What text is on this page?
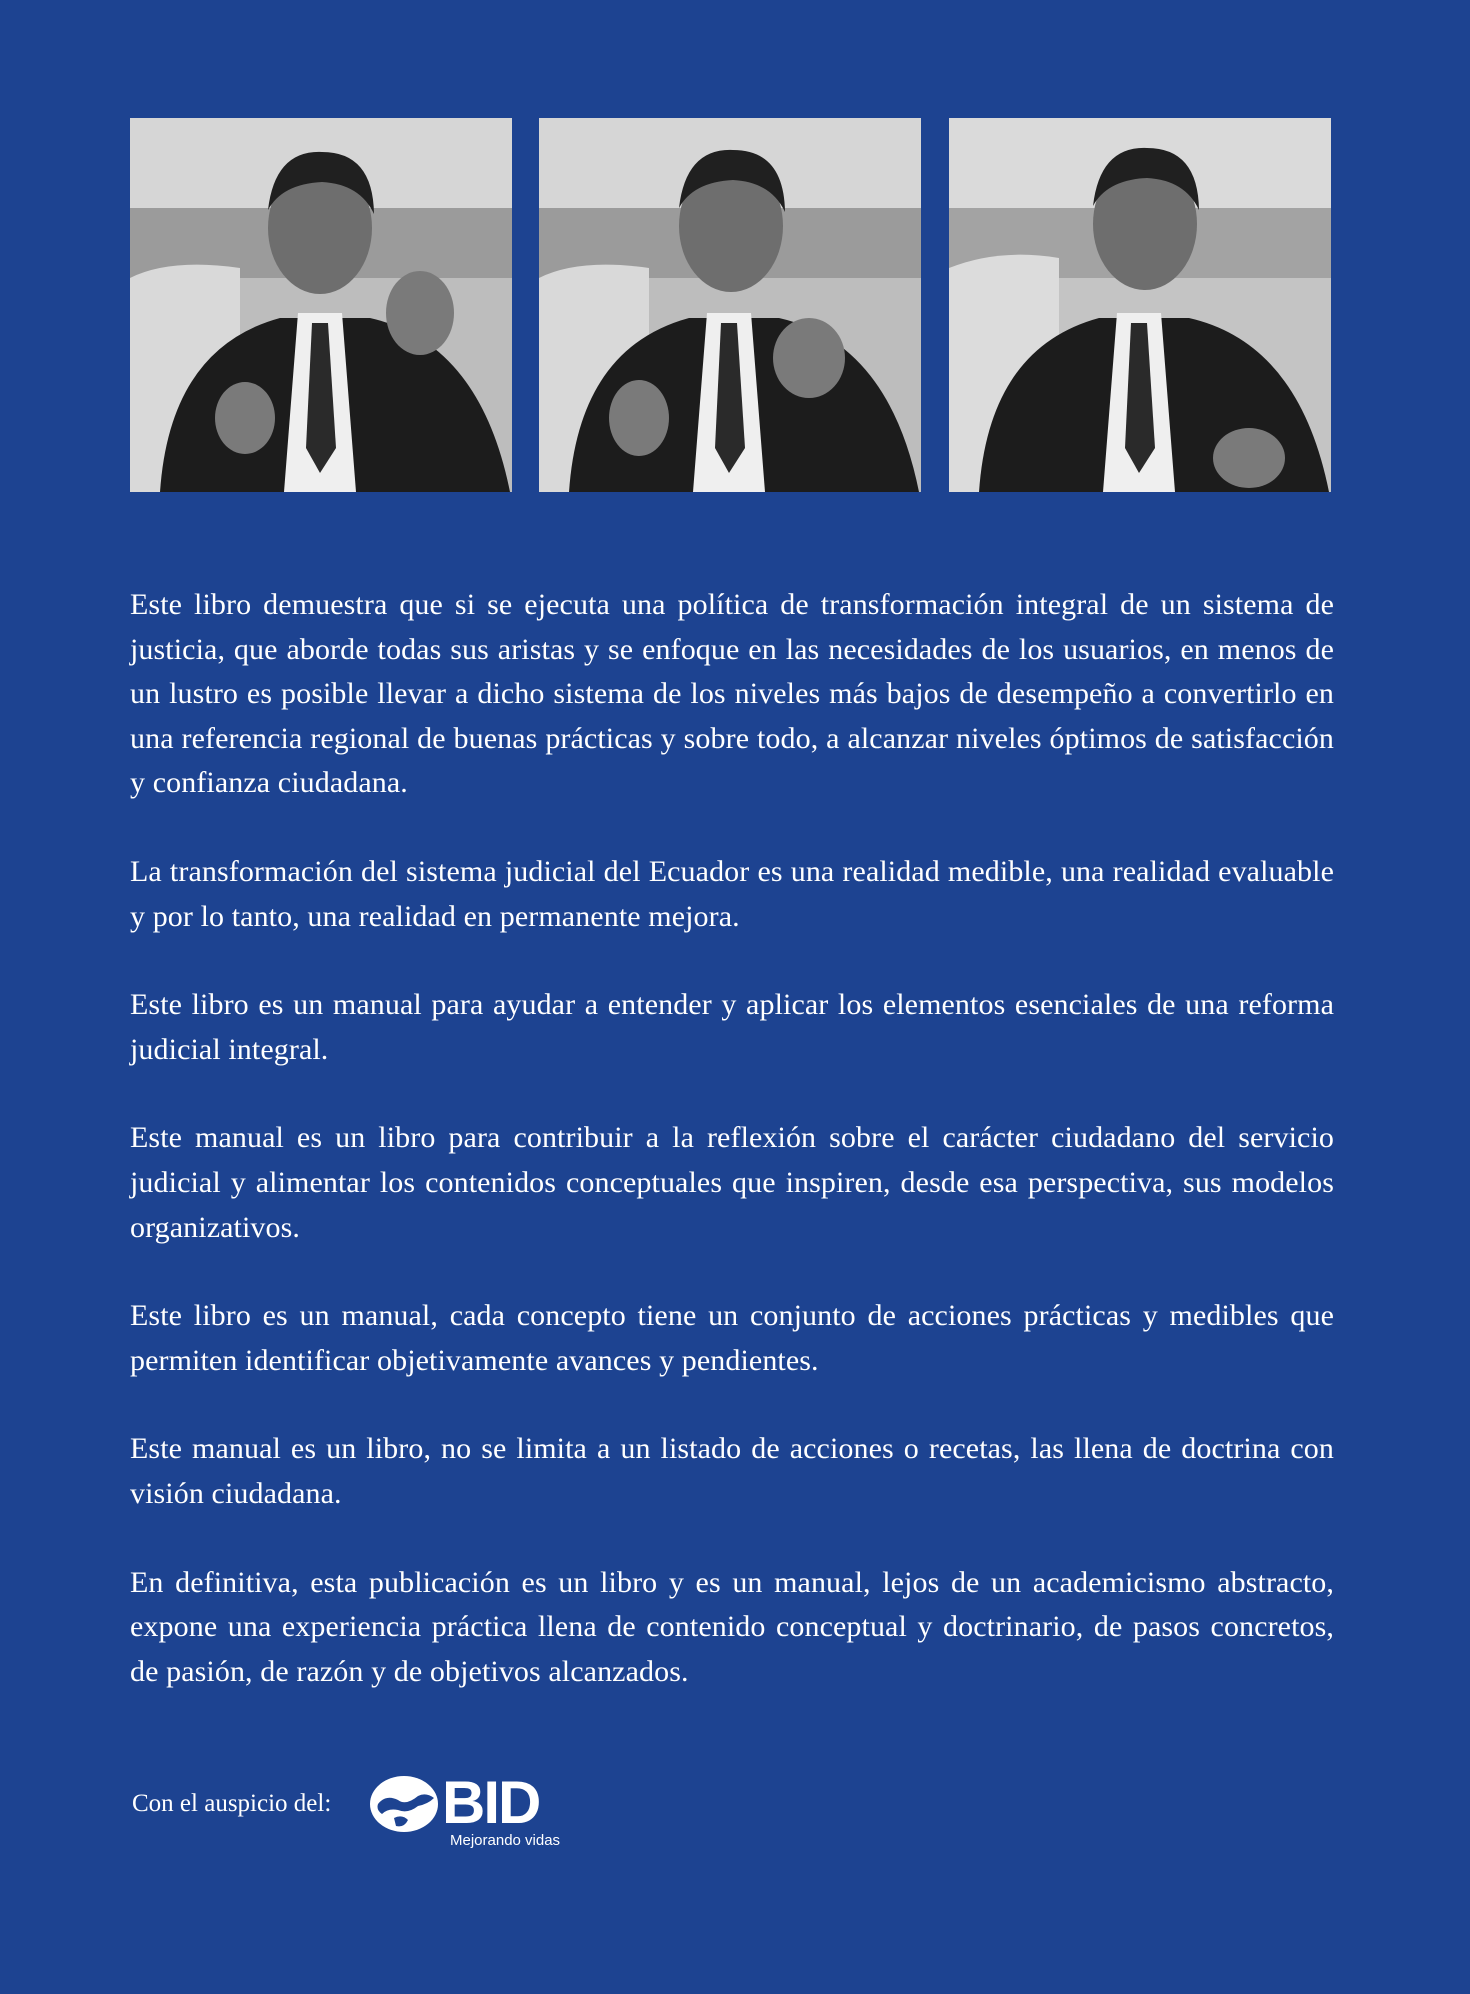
Este libro demuestra que si se ejecuta una política de transformación integral de un sistema de justicia, que aborde todas sus aristas y se enfoque en las necesidades de los usuarios, en menos de un lustro es posible llevar a dicho sistema de los niveles más bajos de desempeño a convertirlo en una referencia regional de buenas prácticas y sobre todo, a alcanzar niveles óptimos de satisfacción y confianza ciudadana.

La transformación del sistema judicial del Ecuador es una realidad medible, una realidad evaluable y por lo tanto, una realidad en permanente mejora.

Este libro es un manual para ayudar a entender y aplicar los elementos esenciales de una reforma judicial integral.

Este manual es un libro para contribuir a la reflexión sobre el carácter ciudadano del servicio judicial y alimentar los contenidos conceptuales que inspiren, desde esa perspectiva, sus modelos organizativos.

Este libro es un manual, cada concepto tiene un conjunto de acciones prácticas y medibles que permiten identificar objetivamente avances y pendientes.

Este manual es un libro, no se limita a un listado de acciones o recetas, las llena de doctrina con visión ciudadana.

En definitiva, esta publicación es un libro y es un manual, lejos de un academicismo abstracto, expone una experiencia práctica llena de contenido conceptual y doctrinario, de pasos concretos, de pasión, de razón y de objetivos alcanzados.

Con el auspicio del: BID
Mejorando vidas
